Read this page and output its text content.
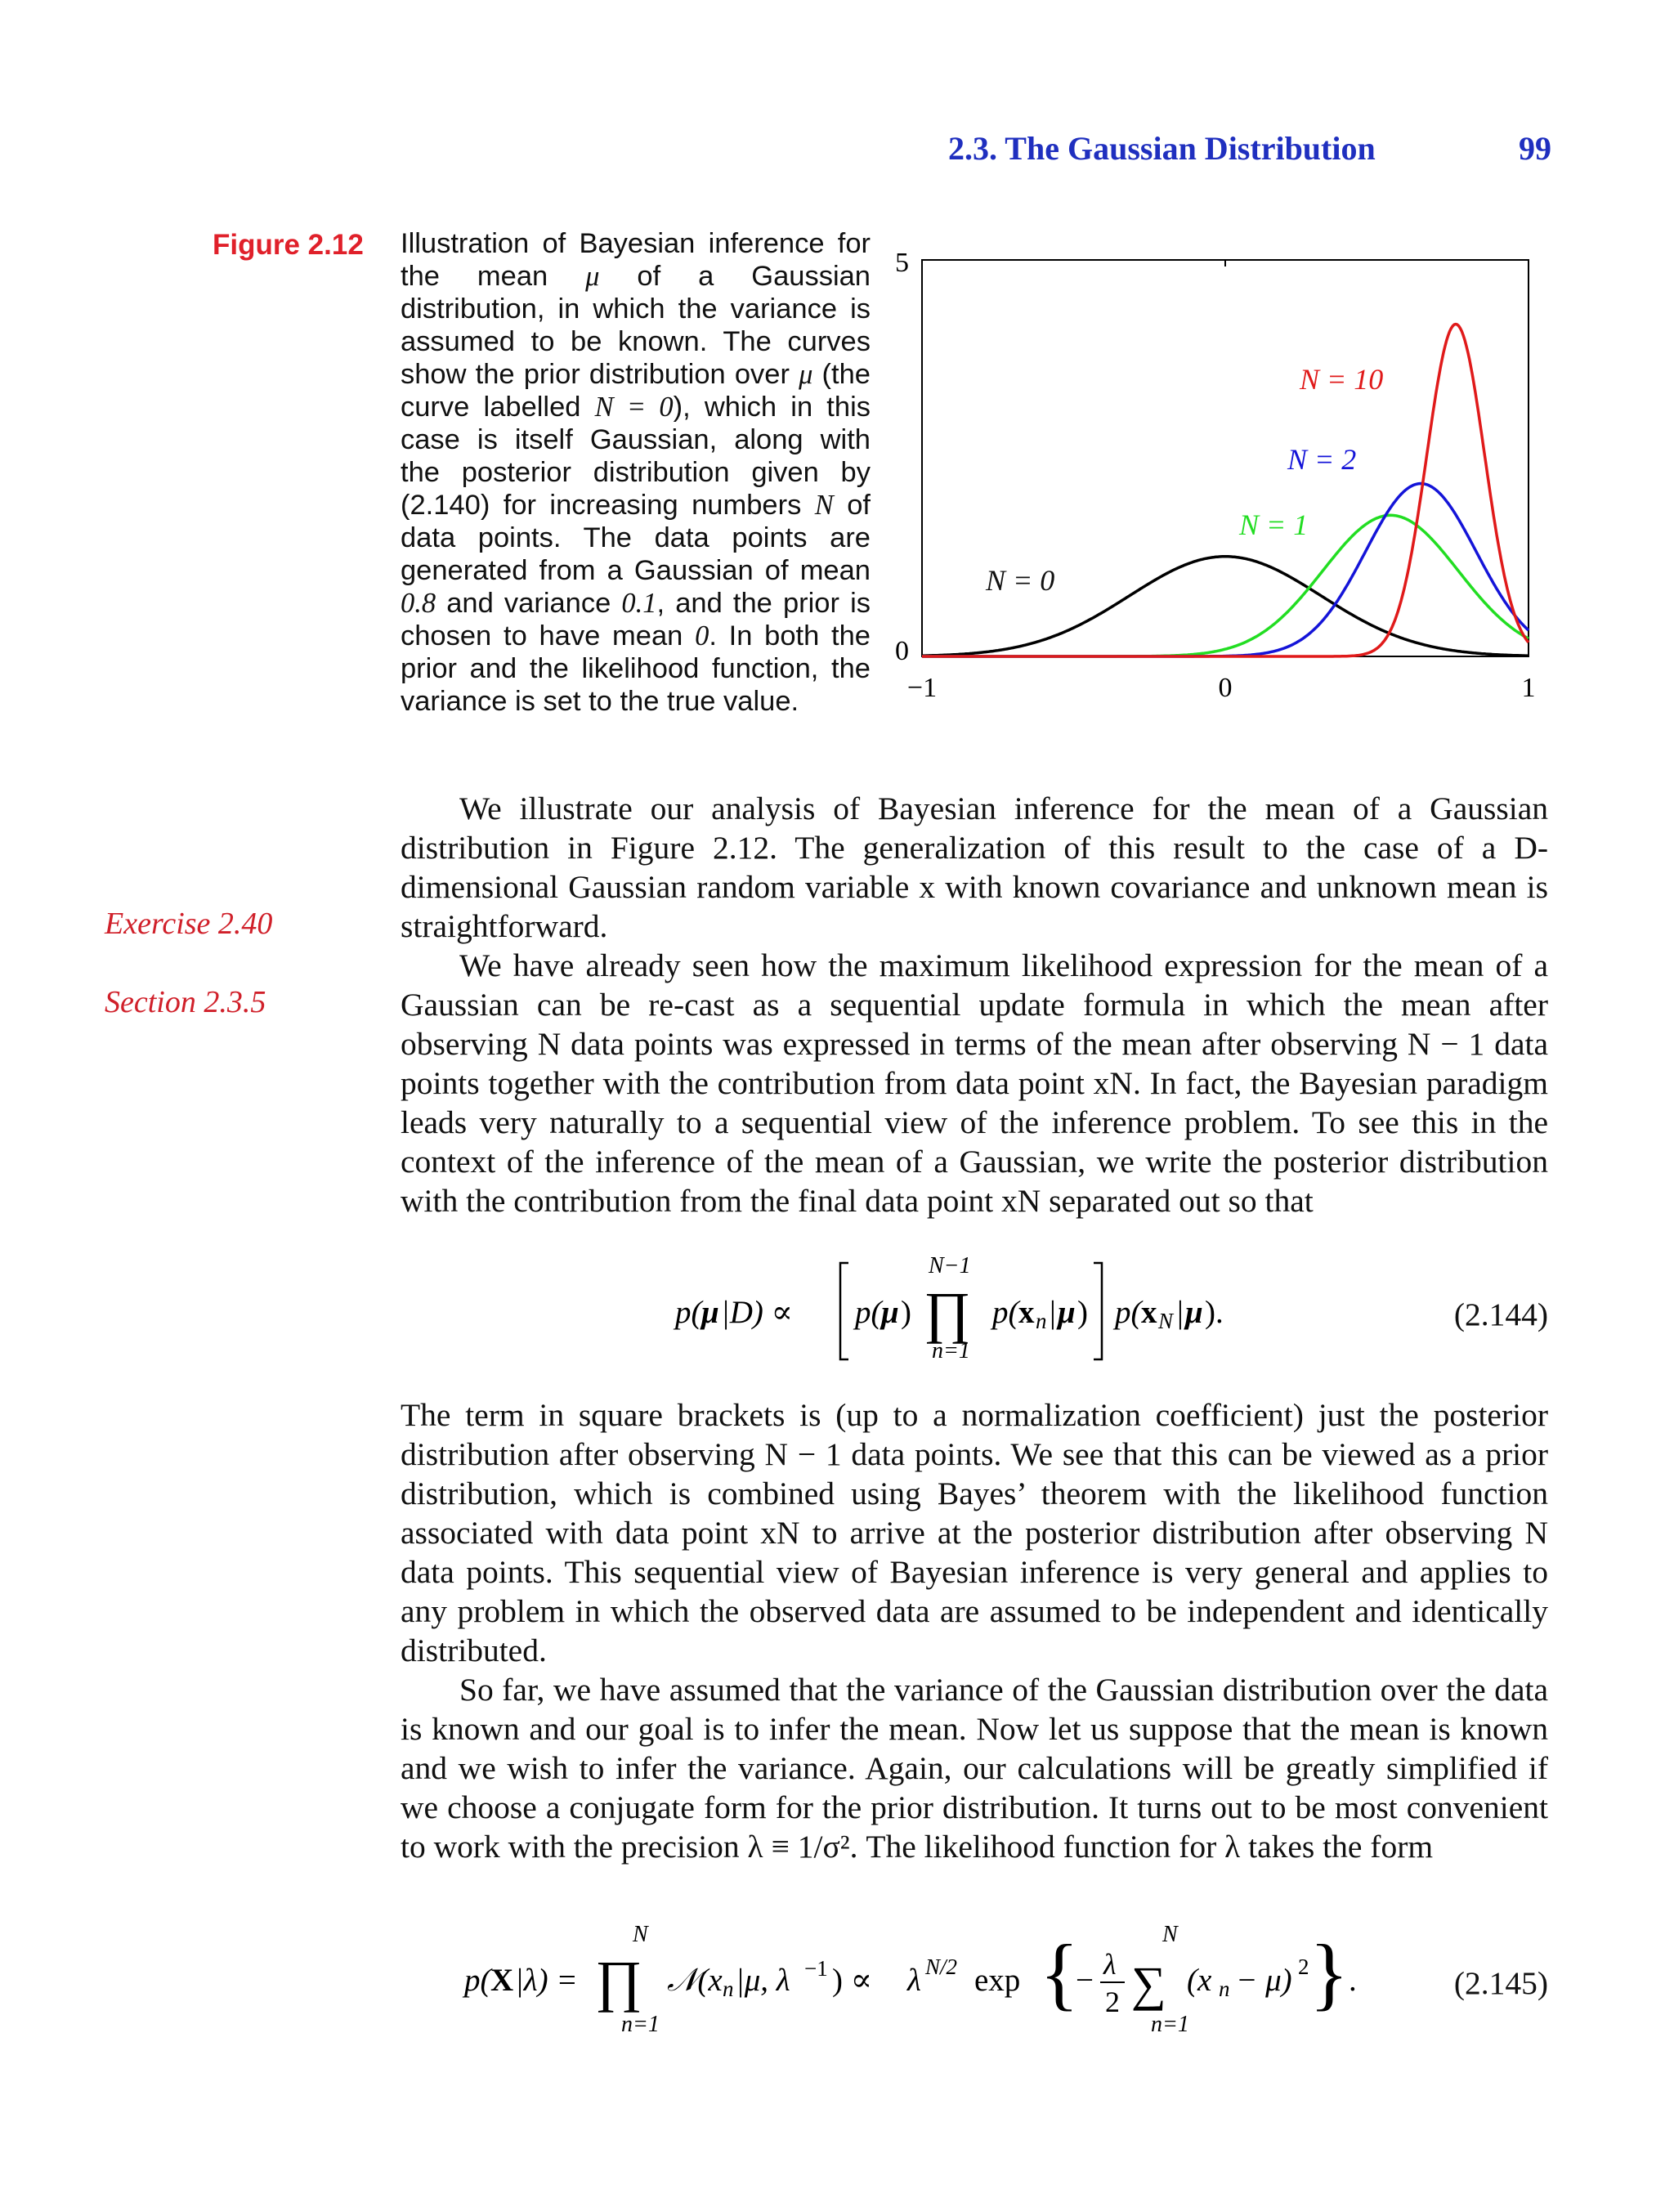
2.3. The Gaussian Distribution	99
Figure 2.12 Illustration of Bayesian inference for the mean μ of a Gaussian distribution, in which the variance is assumed to be known. The curves show the prior distribution over μ (the curve labelled N = 0), which in this case is itself Gaussian, along with the posterior distribution given by (2.140) for increasing numbers N of data points. The data points are generated from a Gaussian of mean 0.8 and variance 0.1, and the prior is chosen to have mean 0. In both the prior and the likelihood function, the variance is set to the true value.
N = 0
N = 1
N = 2
N = 10
−1	0	1
0
5
Exercise 2.40
Section 2.3.5

We illustrate our analysis of Bayesian inference for the mean of a Gaussian distribution in Figure 2.12. The generalization of this result to the case of a D-dimensional Gaussian random variable x with known covariance and unknown mean is straightforward.

We have already seen how the maximum likelihood expression for the mean of a Gaussian can be re-cast as a sequential update formula in which the mean after observing N data points was expressed in terms of the mean after observing N − 1 data points together with the contribution from data point xN. In fact, the Bayesian paradigm leads very naturally to a sequential view of the inference problem. To see this in the context of the inference of the mean of a Gaussian, we write the posterior distribution with the contribution from the final data point xN separated out so that

p( μ |D) ∝ p( μ ) ∏
N−1
n=1
p( x n | μ ) p( x N | μ ).	(2.144)

The term in square brackets is (up to a normalization coefficient) just the posterior distribution after observing N − 1 data points. We see that this can be viewed as a prior distribution, which is combined using Bayes’ theorem with the likelihood function associated with data point xN to arrive at the posterior distribution after observing N data points. This sequential view of Bayesian inference is very general and applies to any problem in which the observed data are assumed to be independent and identically distributed.

So far, we have assumed that the variance of the Gaussian distribution over the data is known and our goal is to infer the mean. Now let us suppose that the mean is known and we wish to infer the variance. Again, our calculations will be greatly simplified if we choose a conjugate form for the prior distribution. It turns out to be most convenient to work with the precision λ ≡ 1/σ². The likelihood function for λ takes the form

p( X |λ) = ∏
N
n=1
𝒩(x n |μ, λ −1 ) ∝ λ N/2 exp {
− λ
2 ∑
N
n=1
(x n − μ) 2 } .	(2.145)
